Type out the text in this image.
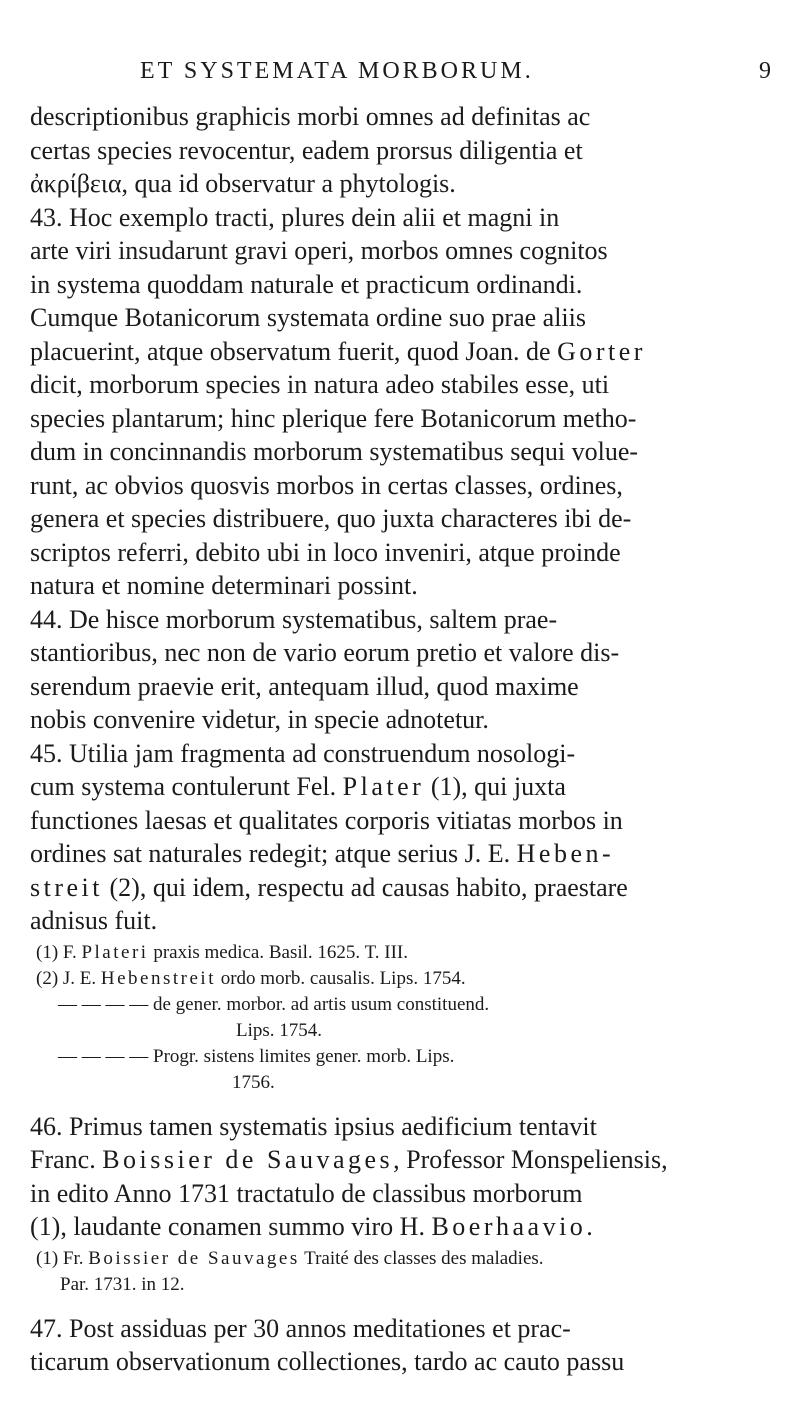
ET SYSTEMATA MORBORUM.	9
descriptionibus graphicis morbi omnes ad definitas ac
certas species revocentur, eadem prorsus diligentia et
ἀκρίβεια, qua id observatur a phytologis.
43. Hoc exemplo tracti, plures dein alii et magni in
arte viri insudarunt gravi operi, morbos omnes cognitos
in systema quoddam naturale et practicum ordinandi.
Cumque Botanicorum systemata ordine suo prae aliis
placuerint, atque observatum fuerit, quod Joan. de Gorter
dicit, morborum species in natura adeo stabiles esse, uti
species plantarum; hinc plerique fere Botanicorum metho-
dum in concinnandis morborum systematibus sequi volue-
runt, ac obvios quosvis morbos in certas classes, ordines,
genera et species distribuere, quo juxta characteres ibi de-
scriptos referri, debito ubi in loco inveniri, atque proinde
natura et nomine determinari possint.
44. De hisce morborum systematibus, saltem prae-
stantioribus, nec non de vario eorum pretio et valore dis-
serendum praevie erit, antequam illud, quod maxime
nobis convenire videtur, in specie adnotetur.
45. Utilia jam fragmenta ad construendum nosologi-
cum systema contulerunt Fel. Plater (1), qui juxta
functiones laesas et qualitates corporis vitiatas morbos in
ordines sat naturales redegit; atque serius J. E. Heben-
streit (2), qui idem, respectu ad causas habito, praestare
adnisus fuit.
(1) F. Plateri praxis medica. Basil. 1625. T. III.
(2) J. E. Hebenstreit ordo morb. causalis. Lips. 1754.
— — — — de gener. morbor. ad artis usum constituend.
Lips. 1754.
— — — — Progr. sistens limites gener. morb. Lips.
1756.
46. Primus tamen systematis ipsius aedificium tentavit
Franc. Boissier de Sauvages, Professor Monspeliensis,
in edito Anno 1731 tractatulo de classibus morborum
(1), laudante conamen summo viro H. Boerhaavio.
(1) Fr. Boissier de Sauvages Traité des classes des maladies.
Par. 1731. in 12.
47. Post assiduas per 30 annos meditationes et prac-
ticarum observationum collectiones, tardo ac cauto passu
